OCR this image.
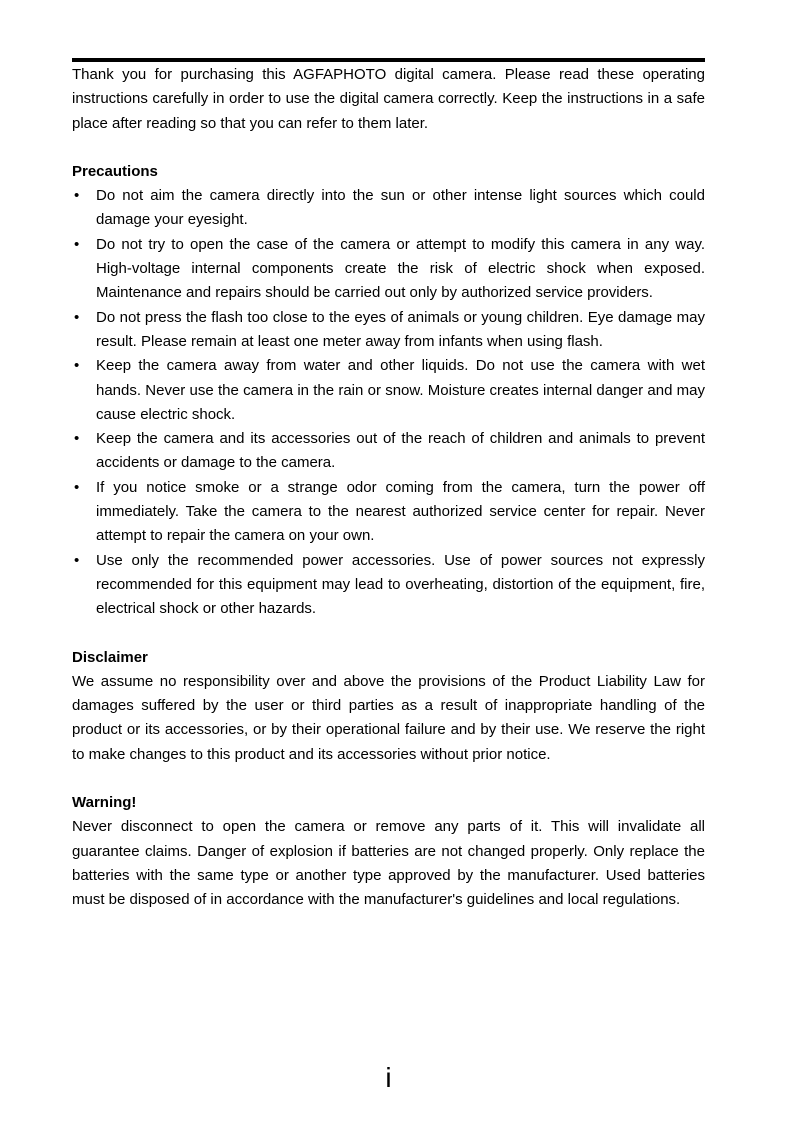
Thank you for purchasing this AGFAPHOTO digital camera. Please read these operating instructions carefully in order to use the digital camera correctly. Keep the instructions in a safe place after reading so that you can refer to them later.

Precautions
• Do not aim the camera directly into the sun or other intense light sources which could damage your eyesight.
• Do not try to open the case of the camera or attempt to modify this camera in any way. High-voltage internal components create the risk of electric shock when exposed. Maintenance and repairs should be carried out only by authorized service providers.
• Do not press the flash too close to the eyes of animals or young children. Eye damage may result. Please remain at least one meter away from infants when using flash.
• Keep the camera away from water and other liquids. Do not use the camera with wet hands. Never use the camera in the rain or snow. Moisture creates internal danger and may cause electric shock.
• Keep the camera and its accessories out of the reach of children and animals to prevent accidents or damage to the camera.
• If you notice smoke or a strange odor coming from the camera, turn the power off immediately. Take the camera to the nearest authorized service center for repair. Never attempt to repair the camera on your own.
• Use only the recommended power accessories. Use of power sources not expressly recommended for this equipment may lead to overheating, distortion of the equipment, fire, electrical shock or other hazards.
Disclaimer

We assume no responsibility over and above the provisions of the Product Liability Law for damages suffered by the user or third parties as a result of inappropriate handling of the product or its accessories, or by their operational failure and by their use. We reserve the right to make changes to this product and its accessories without prior notice.

Warning!

Never disconnect to open the camera or remove any parts of it. This will invalidate all guarantee claims. Danger of explosion if batteries are not changed properly. Only replace the batteries with the same type or another type approved by the manufacturer. Used batteries must be disposed of in accordance with the manufacturer's guidelines and local regulations.

i
